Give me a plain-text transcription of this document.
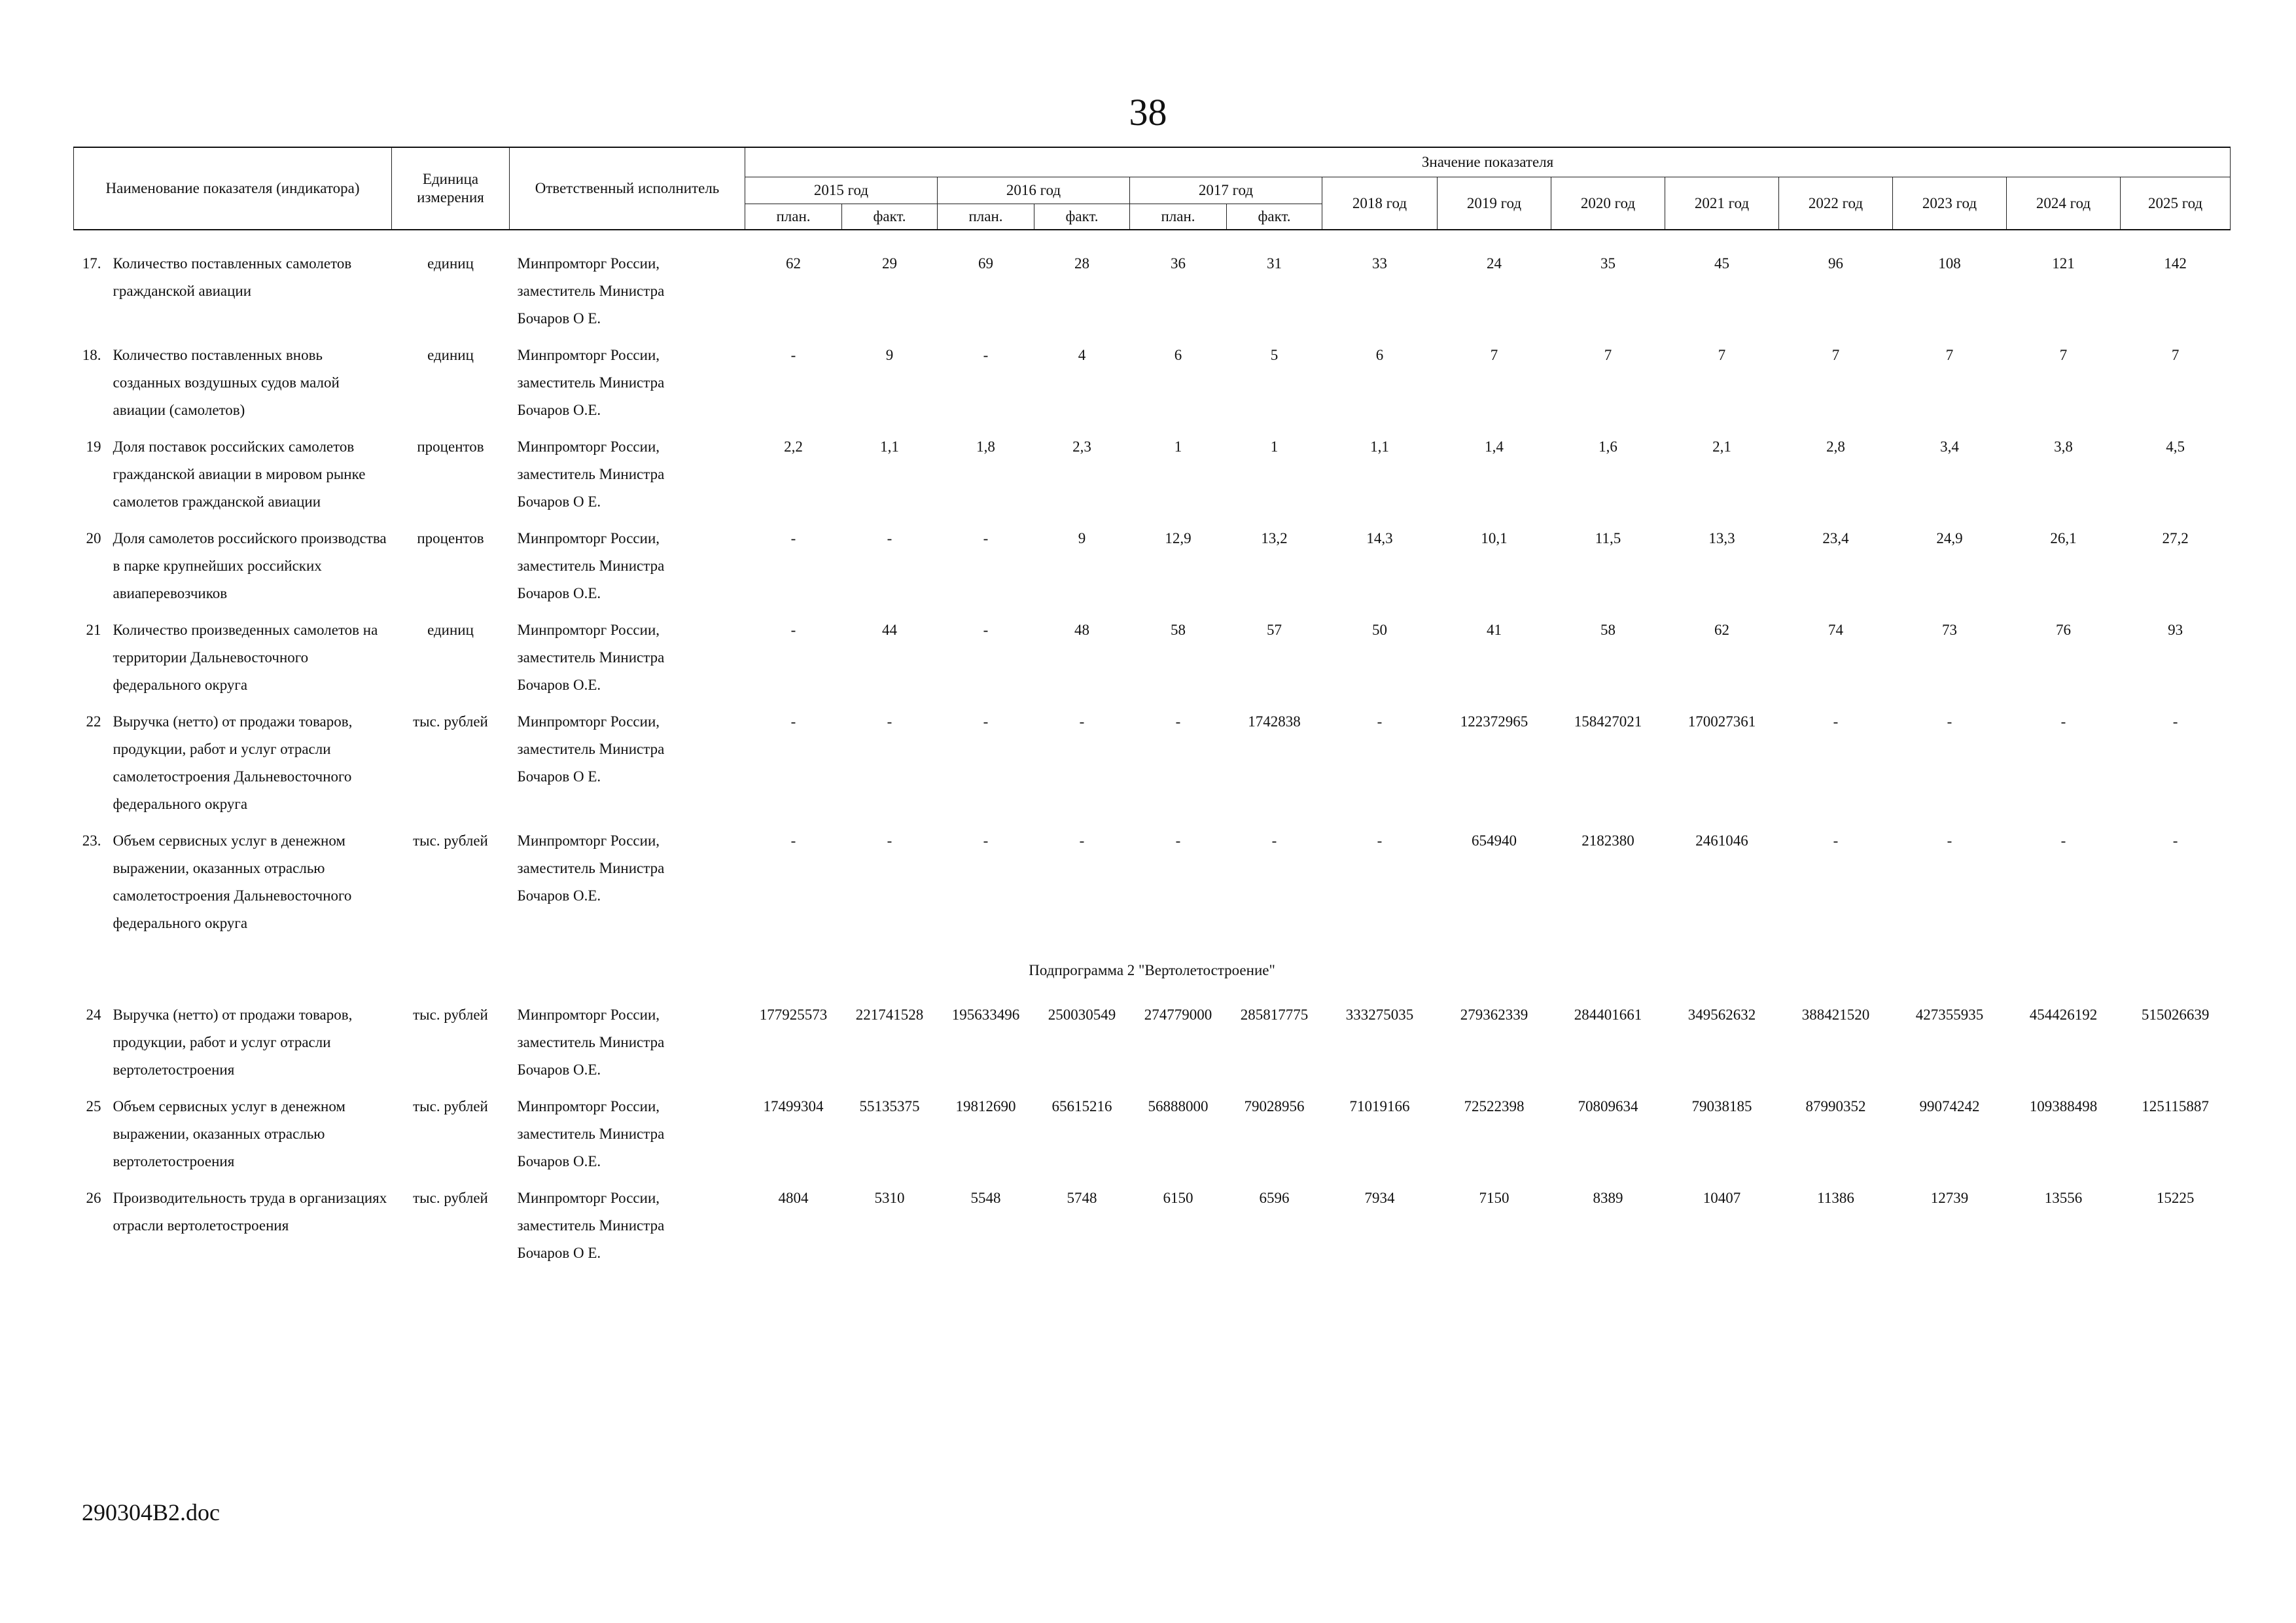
38
Наименование показателя (индикатора)		Единица измерения	Ответственный исполнитель	Значение показателя													
				2015 год		2016 год		2017 год		2018 год	2019 год	2020 год	2021 год	2022 год	2023 год	2024 год	2025 год
				план.	факт.	план.	факт.	план.	факт.								

17.	Количество поставленных самолетов гражданской авиации	единиц	Минпромторг России,
заместитель Министра
Бочаров О Е.	62	29	69	28	36	31	33	24	35	45	96	108	121	142
18.	Количество поставленных вновь созданных воздушных судов малой авиации (самолетов)	единиц	Минпромторг России,
заместитель Министра
Бочаров О.Е.	-	9	-	4	6	5	6	7	7	7	7	7	7	7
19	Доля поставок российских самолетов гражданской авиации в мировом рынке самолетов гражданской авиации	процентов	Минпромторг России,
заместитель Министра
Бочаров О Е.	2,2	1,1	1,8	2,3	1	1	1,1	1,4	1,6	2,1	2,8	3,4	3,8	4,5
20	Доля самолетов российского производства в парке крупнейших российских авиаперевозчиков	процентов	Минпромторг России,
заместитель Министра
Бочаров О.Е.	-	-	-	9	12,9	13,2	14,3	10,1	11,5	13,3	23,4	24,9	26,1	27,2
21	Количество произведенных самолетов на территории Дальневосточного федерального округа	единиц	Минпромторг России,
заместитель Министра
Бочаров О.Е.	-	44	-	48	58	57	50	41	58	62	74	73	76	93
22	Выручка (нетто) от продажи товаров, продукции, работ и услуг отрасли самолетостроения Дальневосточного федерального округа	тыс. рублей	Минпромторг России,
заместитель Министра
Бочаров О Е.	-	-	-	-	-	1742838	-	122372965	158427021	170027361	-	-	-	-
23.	Объем сервисных услуг в денежном выражении, оказанных отраслью самолетостроения Дальневосточного федерального округа	тыс. рублей	Минпромторг России,
заместитель Министра
Бочаров О.Е.	-	-	-	-	-	-	-	654940	2182380	2461046	-	-	-	-
Подпрограмма 2 "Вертолетостроение"																	
24	Выручка (нетто) от продажи товаров, продукции, работ и услуг отрасли вертолетостроения	тыс. рублей	Минпромторг России,
заместитель Министра
Бочаров О.Е.	177925573	221741528	195633496	250030549	274779000	285817775	333275035	279362339	284401661	349562632	388421520	427355935	454426192	515026639
25	Объем сервисных услуг в денежном выражении, оказанных отраслью вертолетостроения	тыс. рублей	Минпромторг России,
заместитель Министра
Бочаров О.Е.	17499304	55135375	19812690	65615216	56888000	79028956	71019166	72522398	70809634	79038185	87990352	99074242	109388498	125115887
26	Производительность труда в организациях отрасли вертолетостроения	тыс. рублей	Минпромторг России,
заместитель Министра
Бочаров О Е.	4804	5310	5548	5748	6150	6596	7934	7150	8389	10407	11386	12739	13556	15225
290304B2.doc
